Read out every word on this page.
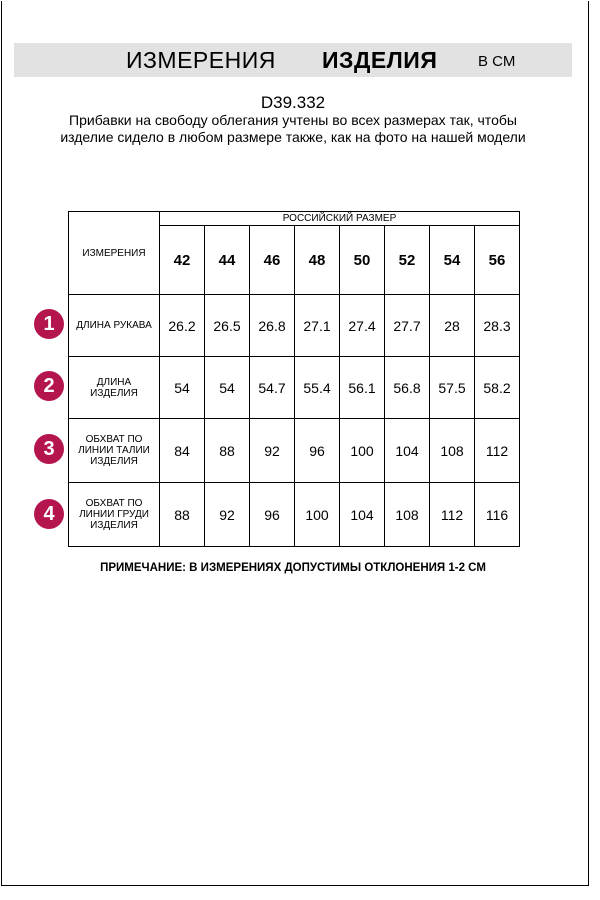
ИЗМЕРЕНИЯ ИЗДЕЛИЯ	В СМ
D39.332
Прибавки на свободу облегания учтены во всех размерах так, чтобы изделие сидело в любом размере также, как на фото на нашей модели
ИЗМЕРЕНИЯ	РОССИЙСКИЙ РАЗМЕР							
	42	44	46	48	50	52	54	56
ДЛИНА РУКАВА	26.2	26.5	26.8	27.1	27.4	27.7	28	28.3
ДЛИНА
ИЗДЕЛИЯ	54	54	54.7	55.4	56.1	56.8	57.5	58.2
ОБХВАТ ПО
ЛИНИИ ТАЛИИ
ИЗДЕЛИЯ	84	88	92	96	100	104	108	112
ОБХВАТ ПО
ЛИНИИ ГРУДИ
ИЗДЕЛИЯ	88	92	96	100	104	108	112	116
1
2
3
4
ПРИМЕЧАНИЕ: В ИЗМЕРЕНИЯХ ДОПУСТИМЫ ОТКЛОНЕНИЯ 1-2 СМ
